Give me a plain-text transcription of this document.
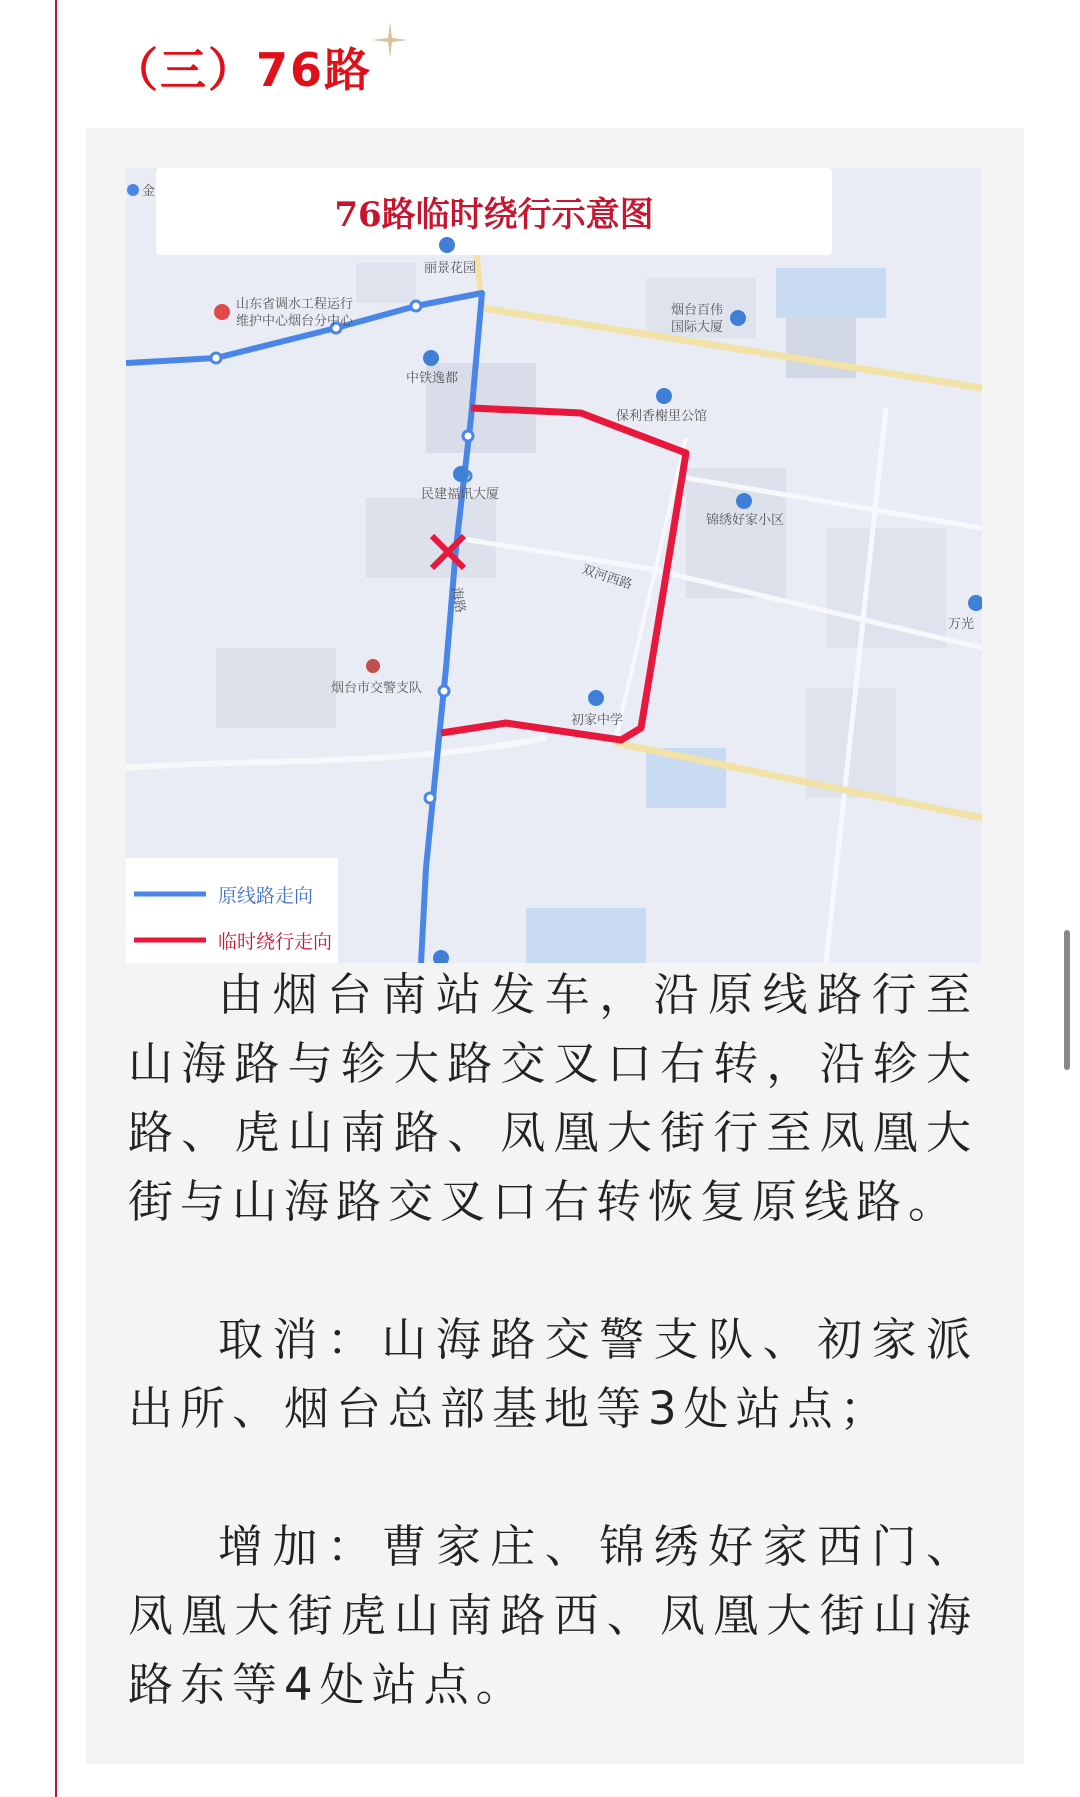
（三）76路
76路临时绕行示意图
金
丽景花园
山东省调水工程运行
维护中心烟台分中心
烟台百伟
国际大厦
中铁逸都
保利香榭里公馆
民建福讯大厦
锦绣好家小区
双河西路
万光
海路
烟台市交警支队
初家中学
原线路走向
临时绕行走向
由烟台南站发车，沿原线路行至山海路与轸大路交叉口右转，沿轸大路、虎山南路、凤凰大街行至凤凰大街与山海路交叉口右转恢复原线路。
取消：山海路交警支队、初家派出所、烟台总部基地等3处站点；
增加：曹家庄、锦绣好家西门、凤凰大街虎山南路西、凤凰大街山海路东等4处站点。
